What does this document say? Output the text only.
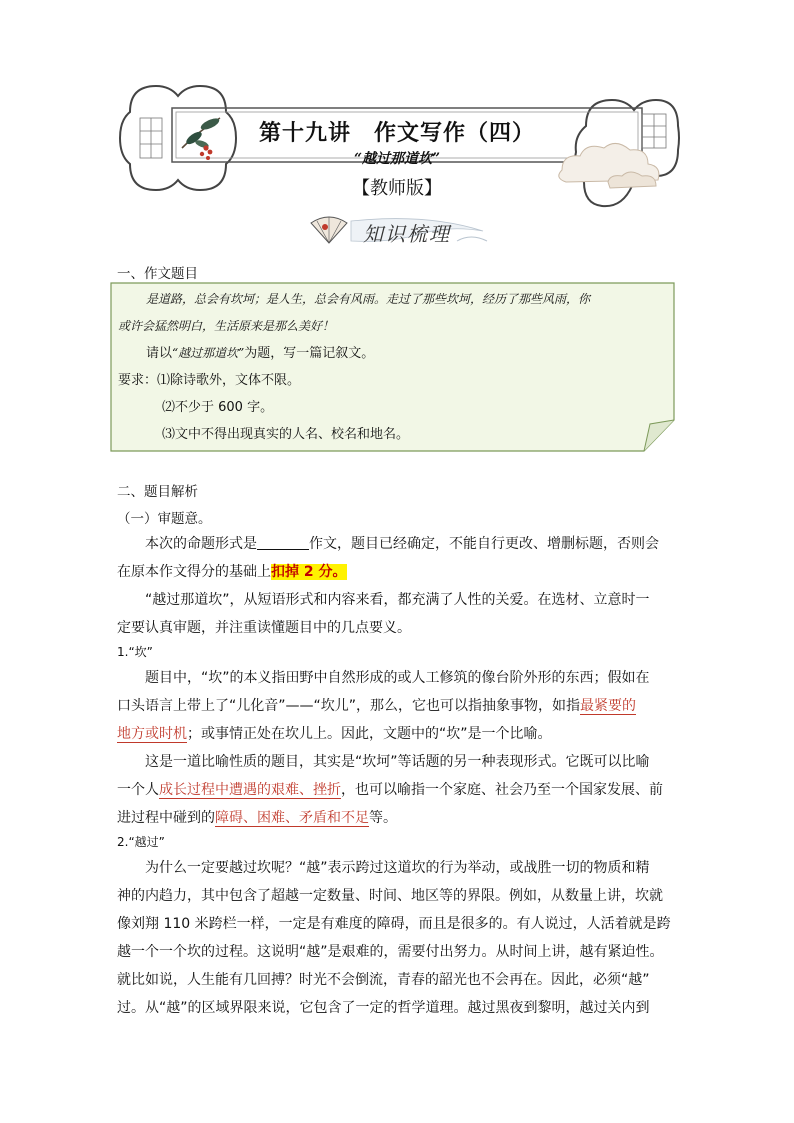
第十九讲　作文写作（四）
“越过那道坎”
【教师版】
知识梳理
一、作文题目

是道路，总会有坎坷；是人生，总会有风雨。走过了那些坎坷，经历了那些风雨，你

或许会猛然明白，生活原来是那么美好！

请以“越过那道坎”为题，写一篇记叙文。

要求：⑴除诗歌外，文体不限。

⑵不少于 600 字。

⑶文中不得出现真实的人名、校名和地名。

二、题目解析
（一）审题意。

本次的命题形式是	作文，题目已经确定，不能自行更改、增删标题，否则会

在原本作文得分的基础上扣掉 2 分。

“越过那道坎”，从短语形式和内容来看，都充满了人性的关爱。在选材、立意时一

定要认真审题，并注重读懂题目中的几点要义。

1.“坎”

题目中，“坎”的本义指田野中自然形成的或人工修筑的像台阶外形的东西；假如在

口头语言上带上了“儿化音”——“坎儿”，那么，它也可以指抽象事物，如指最紧要的

地方或时机；或事情正处在坎儿上。因此，文题中的“坎”是一个比喻。

这是一道比喻性质的题目，其实是“坎坷”等话题的另一种表现形式。它既可以比喻

一个人成长过程中遭遇的艰难、挫折，也可以喻指一个家庭、社会乃至一个国家发展、前

进过程中碰到的障碍、困难、矛盾和不足等。

2.“越过”

为什么一定要越过坎呢？“越”表示跨过这道坎的行为举动，或战胜一切的物质和精

神的内趋力，其中包含了超越一定数量、时间、地区等的界限。例如，从数量上讲，坎就

像刘翔 110 米跨栏一样，一定是有难度的障碍，而且是很多的。有人说过，人活着就是跨

越一个一个坎的过程。这说明“越”是艰难的，需要付出努力。从时间上讲，越有紧迫性。

就比如说，人生能有几回搏？时光不会倒流，青春的韶光也不会再在。因此，必须“越”

过。从“越”的区域界限来说，它包含了一定的哲学道理。越过黑夜到黎明，越过关内到
